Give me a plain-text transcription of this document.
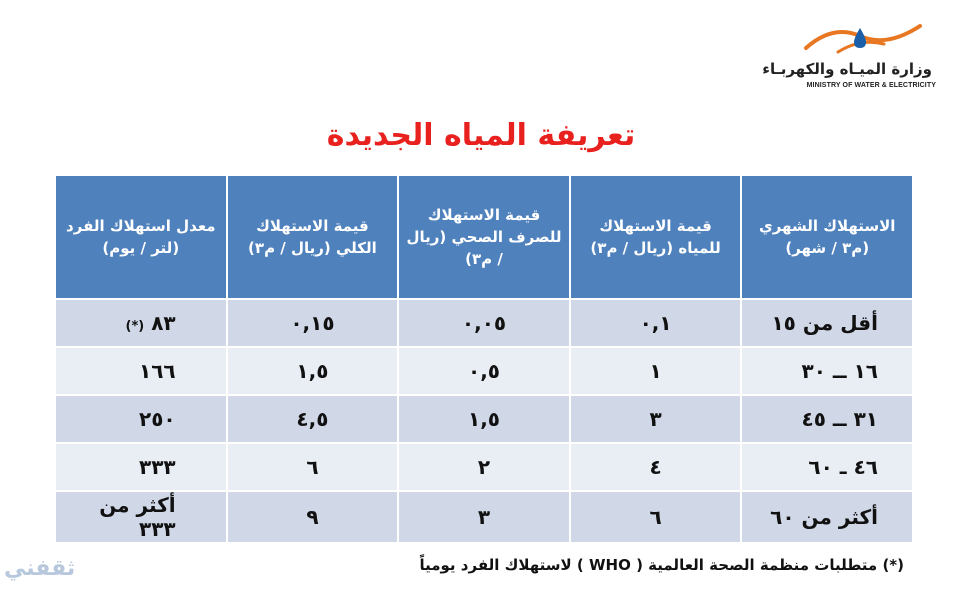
وزارة الميـاه والكهربـاء
MINISTRY OF WATER & ELECTRICITY
تعريفة المياه الجديدة
الاستهلاك الشهري (م٣ / شهر)	قيمة الاستهلاك للمياه (ريال / م٣)	قيمة الاستهلاك للصرف الصحي (ريال / م٣)	قيمة الاستهلاك الكلي (ريال / م٣)	معدل استهلاك الفرد (لتر / يوم)
أقل من ١٥	٠,١	٠,٠٥	٠,١٥	٨٣ (*)
١٦ ــ ٣٠	١	٠,٥	١,٥	١٦٦
٣١ ــ ٤٥	٣	١,٥	٤,٥	٢٥٠
٤٦ ـ ٦٠	٤	٢	٦	٣٣٣
أكثر من ٦٠	٦	٣	٩	أكثر من ٣٣٣
(*) متطلبات منظمة الصحة العالمية ( WHO ) لاستهلاك الفرد يومياً
ثقفني
